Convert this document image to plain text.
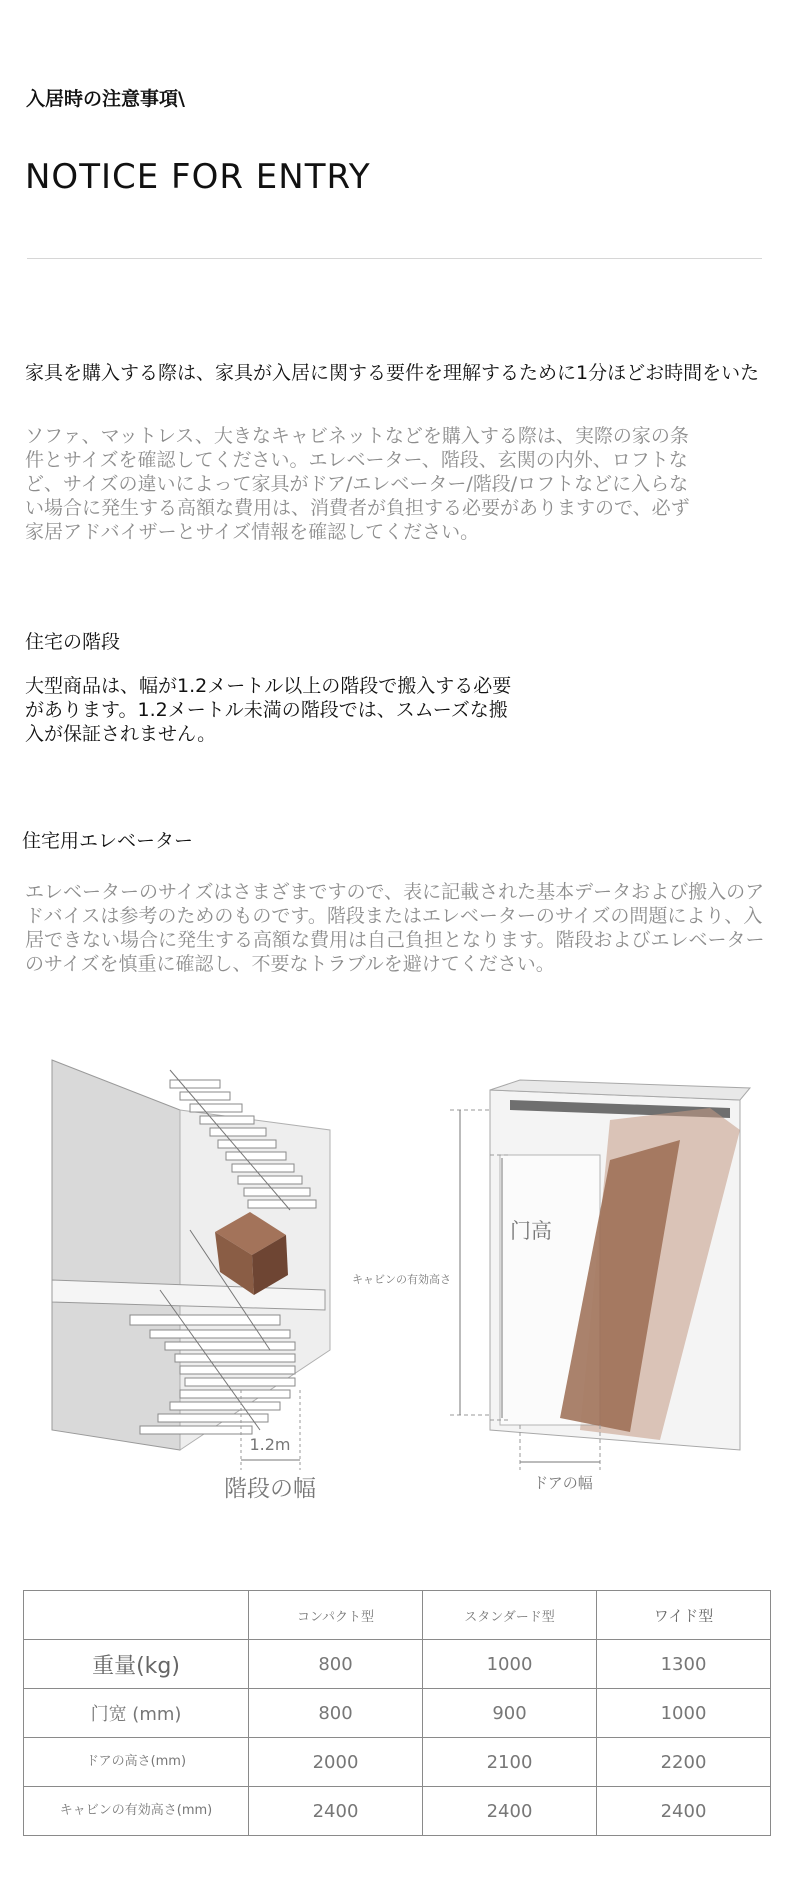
入居時の注意事項\
NOTICE FOR ENTRY
家具を購入する際は、家具が入居に関する要件を理解するために1分ほどお時間をいた
ソファ、マットレス、大きなキャビネットなどを購入する際は、実際の家の条件とサイズを確認してください。エレベーター、階段、玄関の内外、ロフトなど、サイズの違いによって家具がドア/エレベーター/階段/ロフトなどに入らない場合に発生する高額な費用は、消費者が負担する必要がありますので、必ず家居アドバイザーとサイズ情報を確認してください。
住宅の階段
大型商品は、幅が1.2メートル以上の階段で搬入する必要があります。1.2メートル未満の階段では、スムーズな搬入が保証されません。
住宅用エレベーター
エレベーターのサイズはさまざまですので、表に記載された基本データおよび搬入のアドバイスは参考のためのものです。階段またはエレベーターのサイズの問題により、入居できない場合に発生する高額な費用は自己負担となります。階段およびエレベーターのサイズを慎重に確認し、不要なトラブルを避けてください。
1.2m
階段の幅
キャビンの有効高さ
门高
ドアの幅
	コンパクト型	スタンダード型	ワイド型
重量(kg)	800	1000	1300
门宽 (mm)	800	900	1000
ドアの高さ(mm)	2000	2100	2200
キャビンの有効高さ(mm)	2400	2400	2400
